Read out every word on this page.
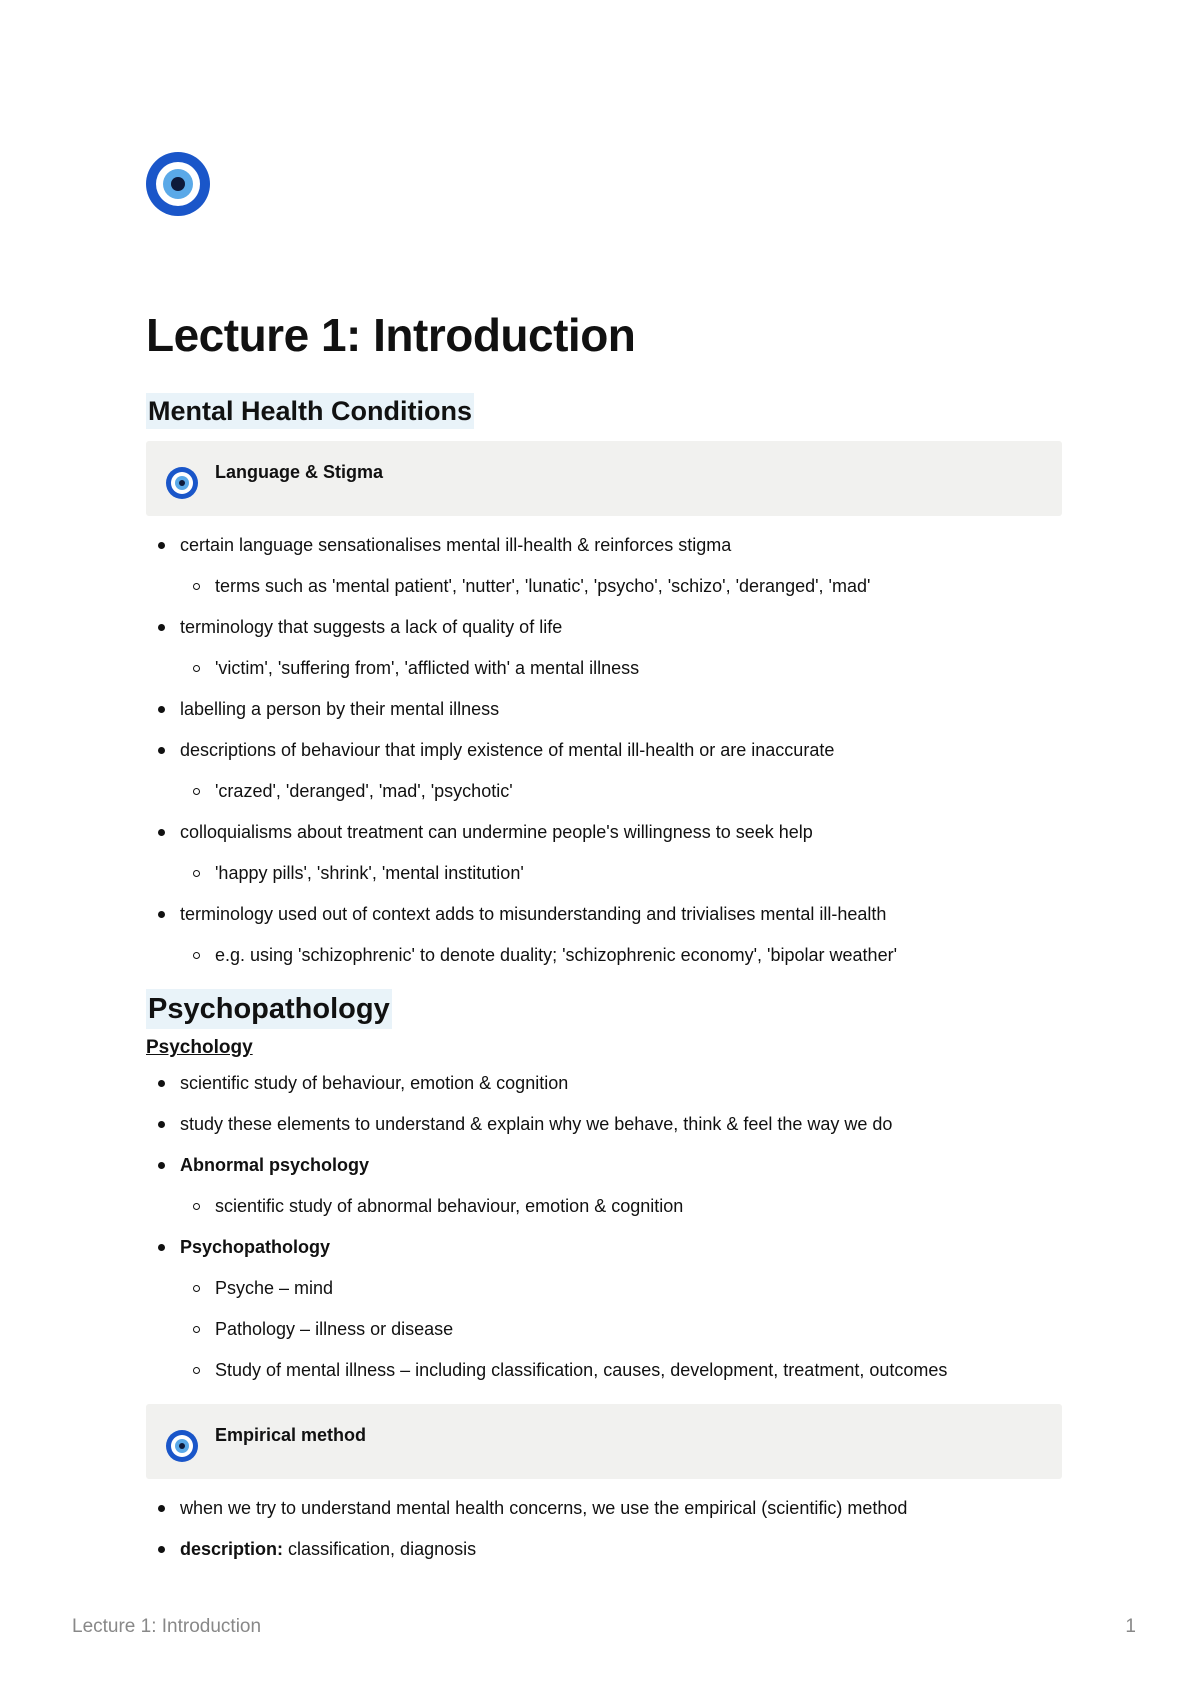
Lecture 1: Introduction
Mental Health Conditions
Language & Stigma
certain language sensationalises mental ill-health & reinforces stigma
terms such as 'mental patient', 'nutter', 'lunatic', 'psycho', 'schizo', 'deranged', 'mad'
terminology that suggests a lack of quality of life
'victim', 'suffering from', 'afflicted with' a mental illness
labelling a person by their mental illness
descriptions of behaviour that imply existence of mental ill-health or are inaccurate
'crazed', 'deranged', 'mad', 'psychotic'
colloquialisms about treatment can undermine people's willingness to seek help
'happy pills', 'shrink', 'mental institution'
terminology used out of context adds to misunderstanding and trivialises mental ill-health
e.g. using 'schizophrenic' to denote duality; 'schizophrenic economy', 'bipolar weather'
Psychopathology
Psychology
scientific study of behaviour, emotion & cognition
study these elements to understand & explain why we behave, think & feel the way we do
Abnormal psychology
scientific study of abnormal behaviour, emotion & cognition
Psychopathology
Psyche – mind
Pathology – illness or disease
Study of mental illness – including classification, causes, development, treatment, outcomes
Empirical method
when we try to understand mental health concerns, we use the empirical (scientific) method
description: classification, diagnosis
Lecture 1: Introduction	1
